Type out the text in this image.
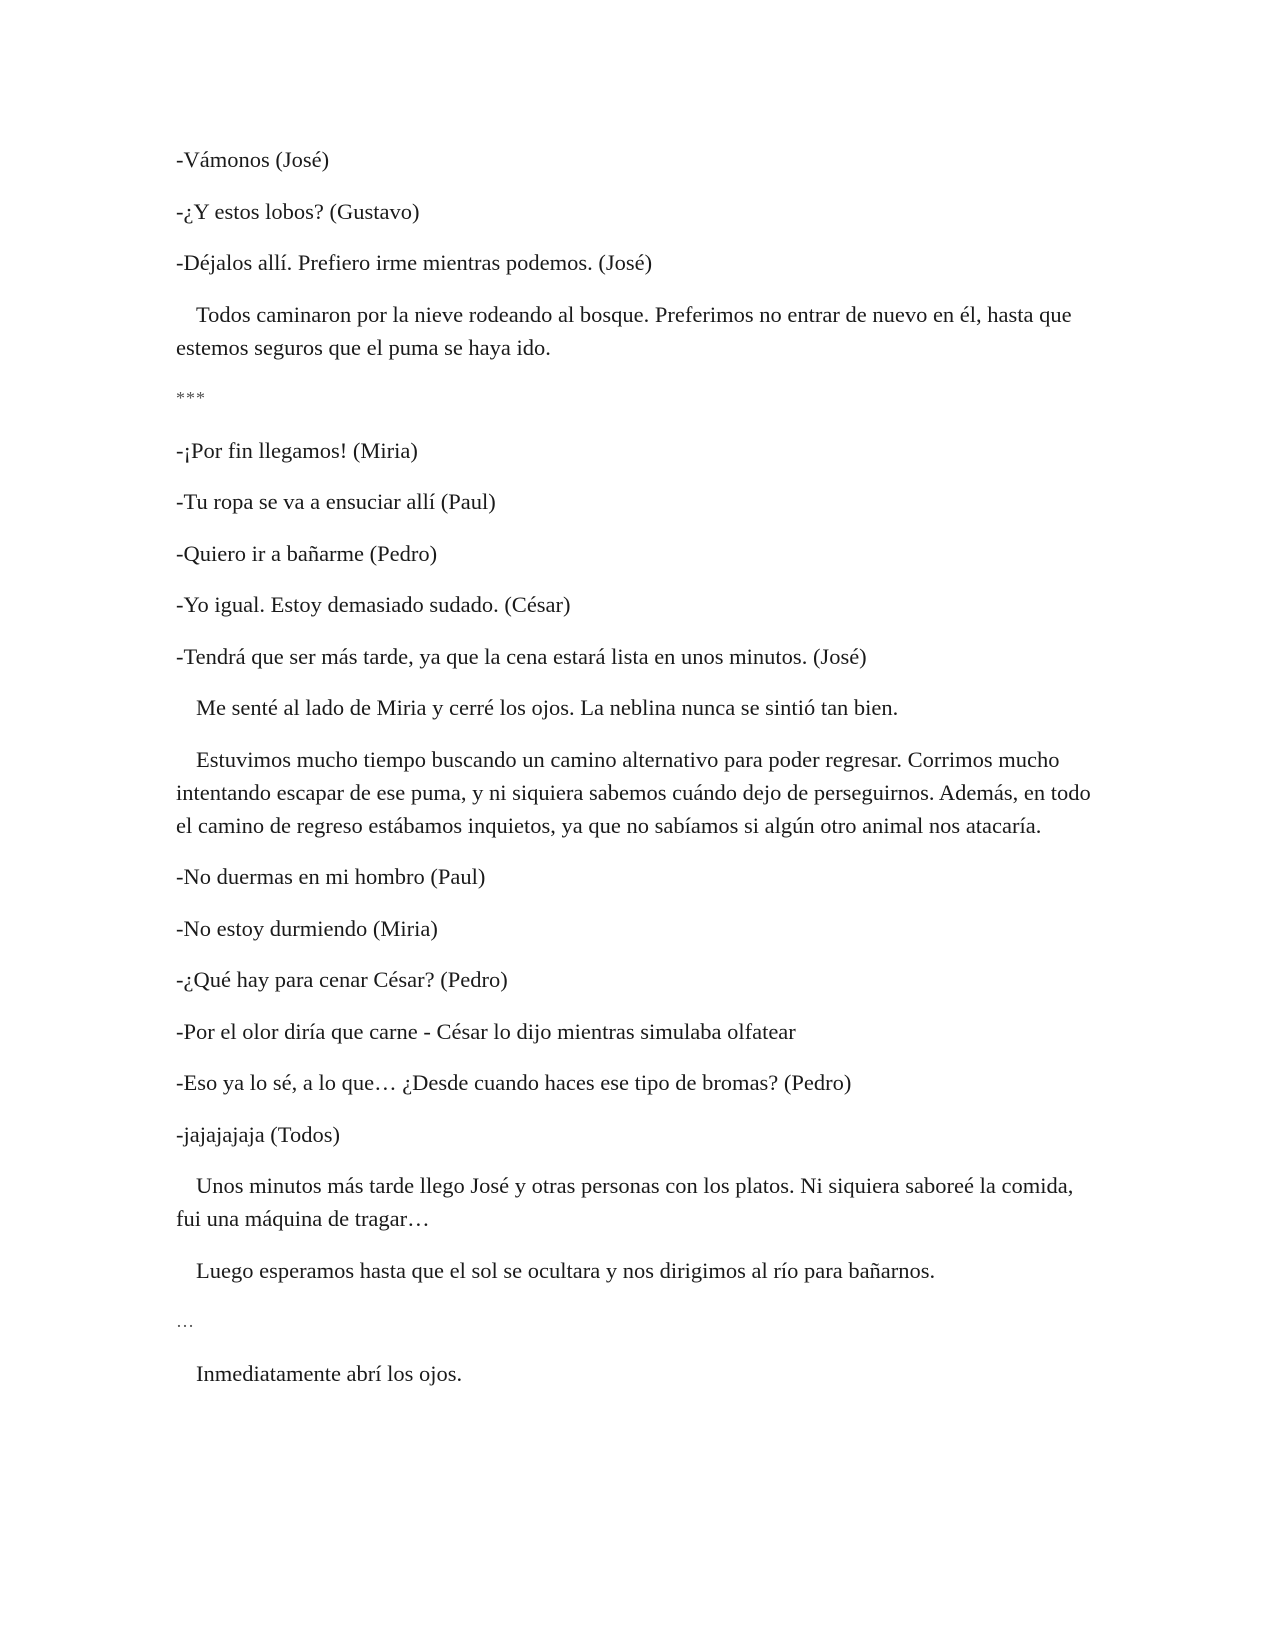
-Vámonos (José)

-¿Y estos lobos? (Gustavo)

-Déjalos allí. Prefiero irme mientras podemos. (José)

Todos caminaron por la nieve rodeando al bosque. Preferimos no entrar de nuevo en él, hasta que estemos seguros que el puma se haya ido.

***

-¡Por fin llegamos! (Miria)

-Tu ropa se va a ensuciar allí (Paul)

-Quiero ir a bañarme (Pedro)

-Yo igual. Estoy demasiado sudado. (César)

-Tendrá que ser más tarde, ya que la cena estará lista en unos minutos. (José)

Me senté al lado de Miria y cerré los ojos. La neblina nunca se sintió tan bien.

Estuvimos mucho tiempo buscando un camino alternativo para poder regresar. Corrimos mucho intentando escapar de ese puma, y ni siquiera sabemos cuándo dejo de perseguirnos. Además, en todo el camino de regreso estábamos inquietos, ya que no sabíamos si algún otro animal nos atacaría.

-No duermas en mi hombro (Paul)

-No estoy durmiendo (Miria)

-¿Qué hay para cenar César? (Pedro)

-Por el olor diría que carne - César lo dijo mientras simulaba olfatear

-Eso ya lo sé, a lo que… ¿Desde cuando haces ese tipo de bromas? (Pedro)

-jajajajaja (Todos)

Unos minutos más tarde llego José y otras personas con los platos. Ni siquiera saboreé la comida, fui una máquina de tragar…

Luego esperamos hasta que el sol se ocultara y nos dirigimos al río para bañarnos.

…

Inmediatamente abrí los ojos.
